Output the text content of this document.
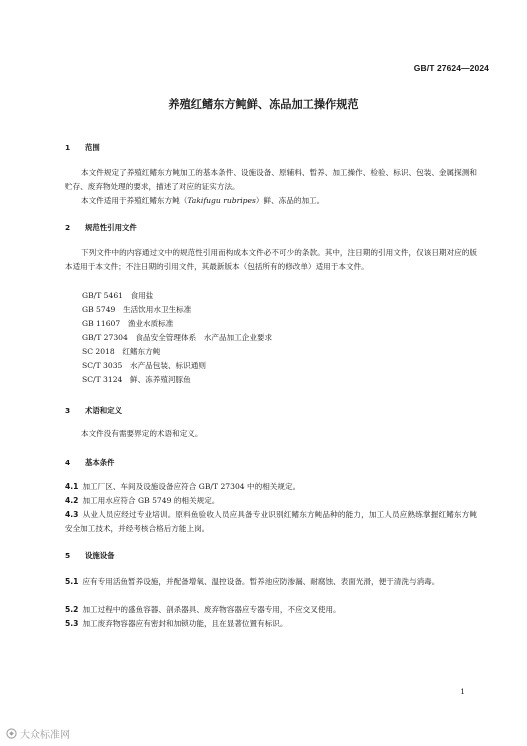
GB/T 27624—2024
养殖红鳍东方鲀鲜、冻品加工操作规范
1 范围
本文件规定了养殖红鳍东方鲀加工的基本条件、设施设备、原辅料、暂养、加工操作、检验、标识、包装、金属探测和贮存、废弃物处理的要求，描述了对应的证实方法。
本文件适用于养殖红鳍东方鲀（Takifugu rubripes）鲜、冻品的加工。
2 规范性引用文件
下列文件中的内容通过文中的规范性引用而构成本文件必不可少的条款。其中，注日期的引用文件，仅该日期对应的版本适用于本文件；不注日期的引用文件，其最新版本（包括所有的修改单）适用于本文件。
GB/T 5461　 食用盐
GB 5749　 生活饮用水卫生标准
GB 11607　 渔业水质标准
GB/T 27304　 食品安全管理体系　水产品加工企业要求
SC 2018　 红鳍东方鲀
SC/T 3035　 水产品包装、标识通则
SC/T 3124　 鲜、冻养殖河豚鱼
3 术语和定义
本文件没有需要界定的术语和定义。
4 基本条件
4.1 加工厂区、车间及设施设备应符合 GB/T 27304 中的相关规定。
4.2 加工用水应符合 GB 5749 的相关规定。
4.3 从业人员应经过专业培训。原料鱼验收人员应具备专业识别红鳍东方鲀品种的能力，加工人员应熟练掌握红鳍东方鲀安全加工技术，并经考核合格后方能上岗。
5 设施设备
5.1 应有专用活鱼暂养设施，并配备增氧、温控设备。暂养池应防渗漏、耐腐蚀、表面光滑，便于清洗与消毒。
5.2 加工过程中的盛鱼容器、剖杀器具、废弃物容器应专器专用，不应交叉使用。
5.3 加工废弃物容器应有密封和加锁功能，且在显著位置有标识。
1
大众标准网
